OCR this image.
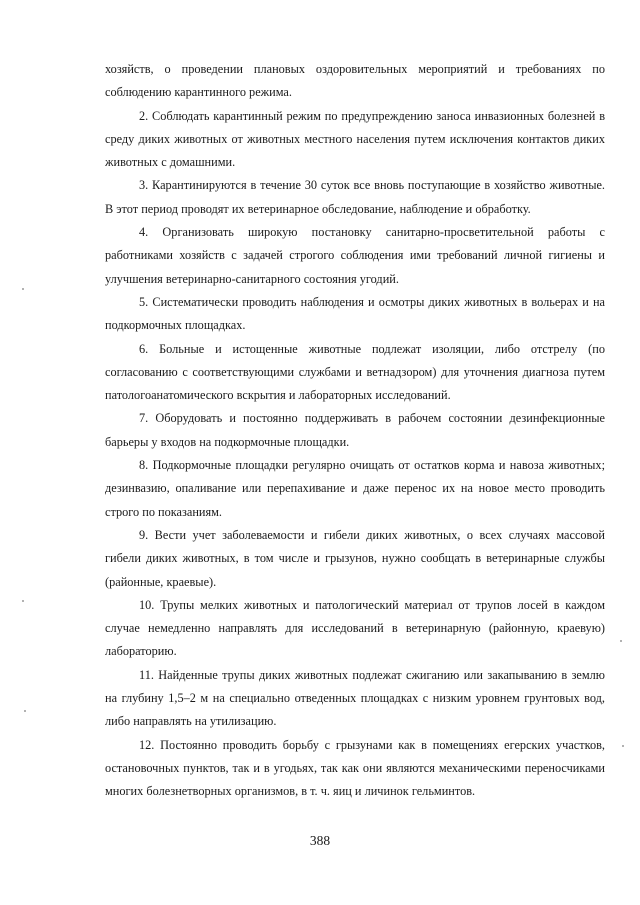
хозяйств, о проведении плановых оздоровительных мероприятий и требованиях по соблюдению карантинного режима.

2. Соблюдать карантинный режим по предупреждению заноса инвазионных болезней в среду диких животных от животных местного населения путем исключения контактов диких животных с домашними.

3. Карантинируются в течение 30 суток все вновь поступающие в хозяйство животные. В этот период проводят их ветеринарное обследование, наблюдение и обработку.

4. Организовать широкую постановку санитарно-просветительной работы с работниками хозяйств с задачей строгого соблюдения ими требований личной гигиены и улучшения ветеринарно-санитарного состояния угодий.

5. Систематически проводить наблюдения и осмотры диких животных в вольерах и на подкормочных площадках.

6. Больные и истощенные животные подлежат изоляции, либо отстрелу (по согласованию с соответствующими службами и ветнадзором) для уточнения диагноза путем патологоанатомического вскрытия и лабораторных исследований.

7. Оборудовать и постоянно поддерживать в рабочем состоянии дезинфекционные барьеры у входов на подкормочные площадки.

8. Подкормочные площадки регулярно очищать от остатков корма и навоза животных; дезинвазию, опаливание или перепахивание и даже перенос их на новое место проводить строго по показаниям.

9. Вести учет заболеваемости и гибели диких животных, о всех случаях массовой гибели диких животных, в том числе и грызунов, нужно сообщать в ветеринарные службы (районные, краевые).

10. Трупы мелких животных и патологический материал от трупов лосей в каждом случае немедленно направлять для исследований в ветеринарную (районную, краевую) лабораторию.

11. Найденные трупы диких животных подлежат сжиганию или закапыванию в землю на глубину 1,5–2 м на специально отведенных площадках с низким уровнем грунтовых вод, либо направлять на утилизацию.

12. Постоянно проводить борьбу с грызунами как в помещениях егерских участков, остановочных пунктов, так и в угодьях, так как они являются механическими переносчиками многих болезнетворных организмов, в т. ч. яиц и личинок гельминтов.

388
